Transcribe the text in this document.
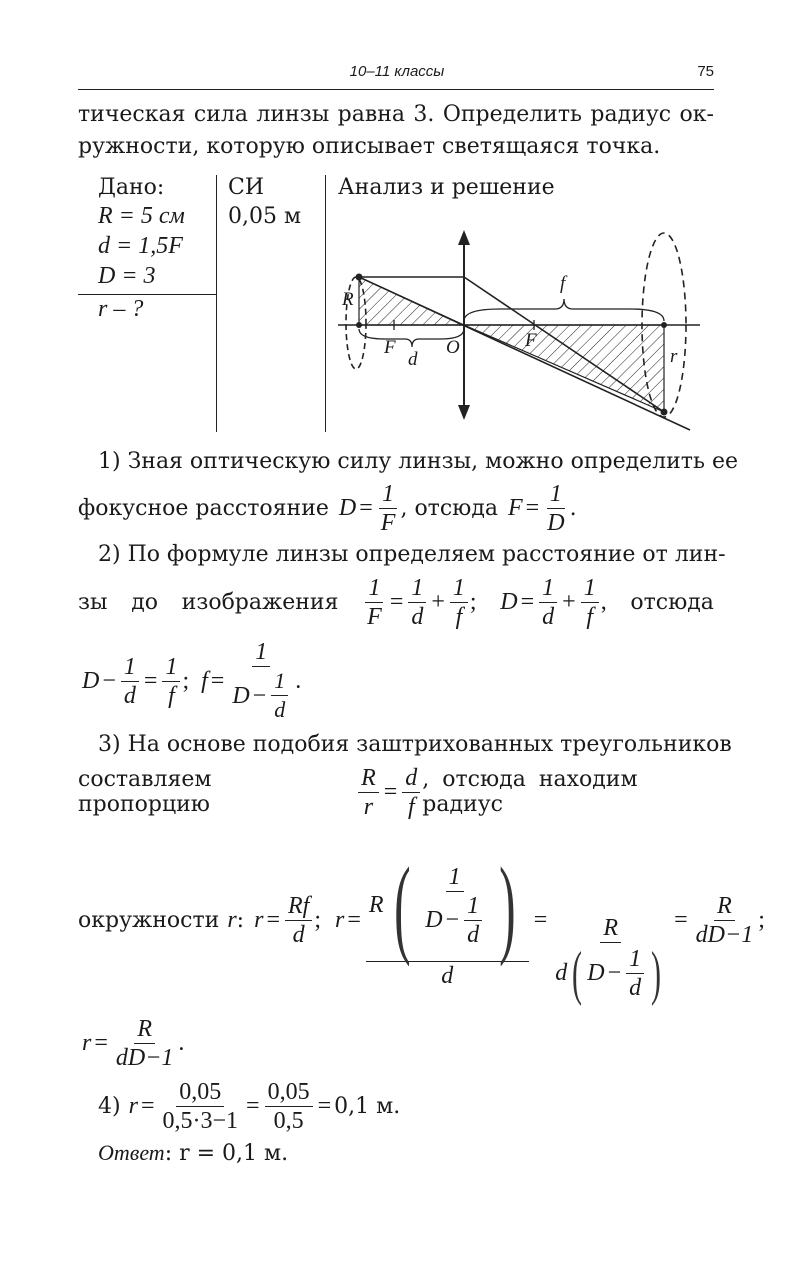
10–11 классы	75
тическая сила линзы равна 3. Определить радиус ок-
ружности, которую описывает светящаяся точка.
Дано:	СИ	Анализ и решение
R = 5 см 0,05 м
d = 1,5F
D = 3
r – ?	R
F
d
O	F
f
r
1) Зная оптическую силу линзы, можно определить ее
фокусное расстояние $D = \frac{1}{F}$ , отсюда $F = \frac{1}{D}$ .
2) По формуле линзы определяем расстояние от лин-
зы до изображения $\frac{1}{F} = \frac{1}{d} + \frac{1}{f}$ ; $D = \frac{1}{d} + \frac{1}{f}$ , отсюда
$D - \frac{1}{d} = \frac{1}{f}$ ; $f = \frac{1}{D - \frac{1}{d}}$ .
3) На основе подобия заштрихованных треугольников
составляем пропорцию	$\frac{R}{r} = \frac{d}{f}$ , отсюда находим радиус
окружности r : $r = \frac{Rf}{d}$ ; $r = \frac{R ( \frac{1}{D - \frac{1}{d}} )}{d} = \frac{R}{d ( D - \frac{1}{d} )} = \frac{R}{dD-1}$ ;
$r = \frac{R}{dD-1}$ .
4) $r = \frac{0,05}{0,5\cdot 3-1} = \frac{0,05}{0,5} = 0,1$ м.
Ответ: r = 0,1 м.
